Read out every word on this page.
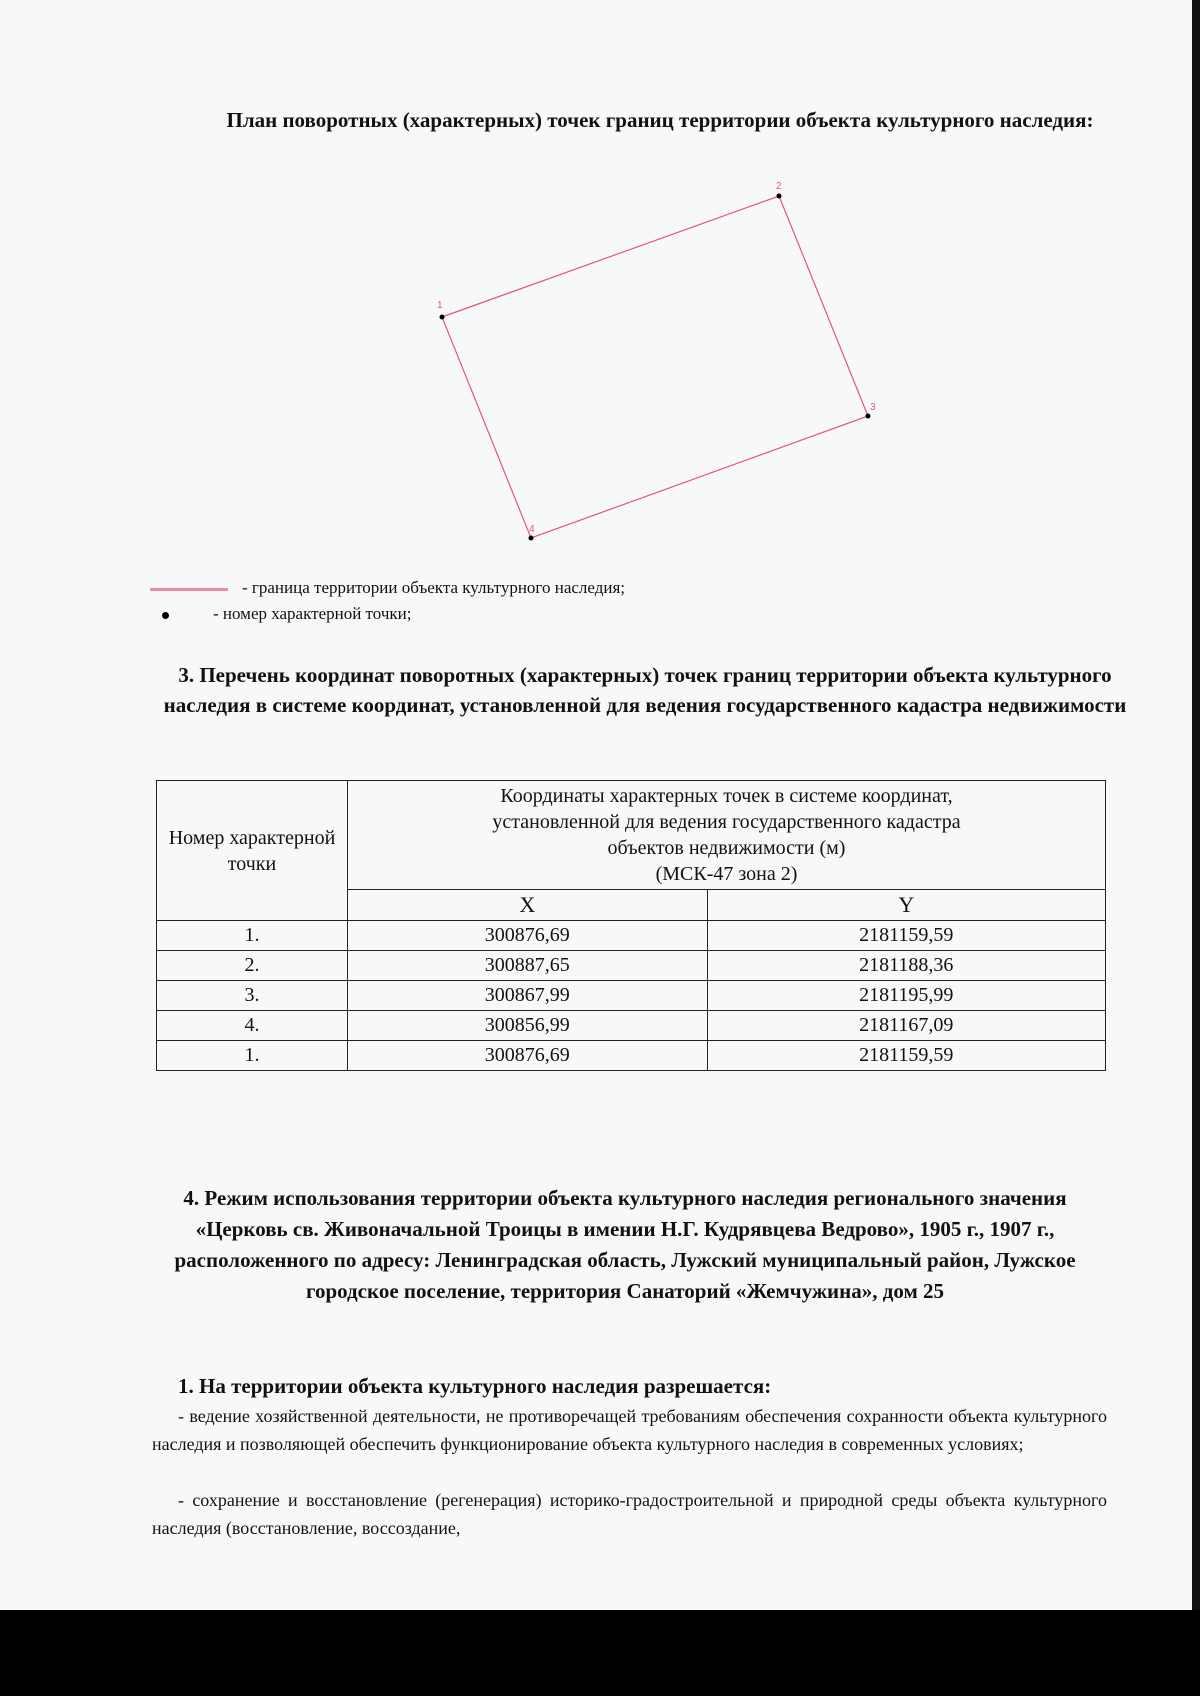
План поворотных (характерных) точек границ территории объекта культурного наследия:
1
2
3
4
- граница территории объекта культурного наследия;
- номер характерной точки;
3. Перечень координат поворотных (характерных) точек границ территории объекта культурного наследия в системе координат, установленной для ведения государственного кадастра недвижимости
Номер характерной точки	Координаты характерных точек в системе координат,
установленной для ведения государственного кадастра
объектов недвижимости (м)
(МСК-47 зона 2)	

	X	Y
1.	300876,69	2181159,59
2.	300887,65	2181188,36
3.	300867,99	2181195,99
4.	300856,99	2181167,09
1.	300876,69	2181159,59
4. Режим использования территории объекта культурного наследия регионального значения «Церковь св. Живоначальной Троицы в имении Н.Г. Кудрявцева Ведрово», 1905 г., 1907 г., расположенного по адресу: Ленинградская область, Лужский муниципальный район, Лужское городское поселение, территория Санаторий «Жемчужина», дом 25
1. На территории объекта культурного наследия разрешается:
- ведение хозяйственной деятельности, не противоречащей требованиям обеспечения сохранности объекта культурного наследия и позволяющей обеспечить функционирование объекта культурного наследия в современных условиях;
- сохранение и восстановление (регенерация) историко-градостроительной и природной среды объекта культурного наследия (восстановление, воссоздание,
